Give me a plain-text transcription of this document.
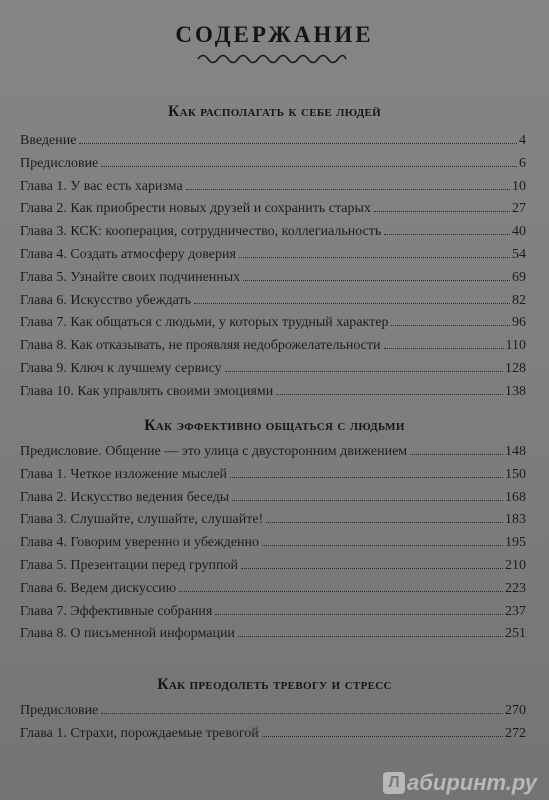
СОДЕРЖАНИЕ
Как располагать к себе людей
Введение	4
Предисловие	6
Глава 1. У вас есть харизма	10
Глава 2. Как приобрести новых друзей и сохранить старых	27
Глава 3. КСК: кооперация, сотрудничество, коллегиальность	40
Глава 4. Создать атмосферу доверия	54
Глава 5. Узнайте своих подчиненных	69
Глава 6. Искусство убеждать	82
Глава 7. Как общаться с людьми, у которых трудный характер	96
Глава 8. Как отказывать, не проявляя недоброжелательности	110
Глава 9. Ключ к лучшему сервису	128
Глава 10. Как управлять своими эмоциями	138
Как эффективно общаться с людьми
Предисловие. Общение — это улица с двусторонним движением	148
Глава 1. Четкое изложение мыслей	150
Глава 2. Искусство ведения беседы	168
Глава 3. Слушайте, слушайте, слушайте!	183
Глава 4. Говорим уверенно и убежденно	195
Глава 5. Презентации перед группой	210
Глава 6. Ведем дискуссию	223
Глава 7. Эффективные собрания	237
Глава 8. О письменной информации	251
Как преодолеть тревогу и стресс
Предисловие	270
Глава 1. Страхи, порождаемые тревогой	272
Л абиринт.ру
